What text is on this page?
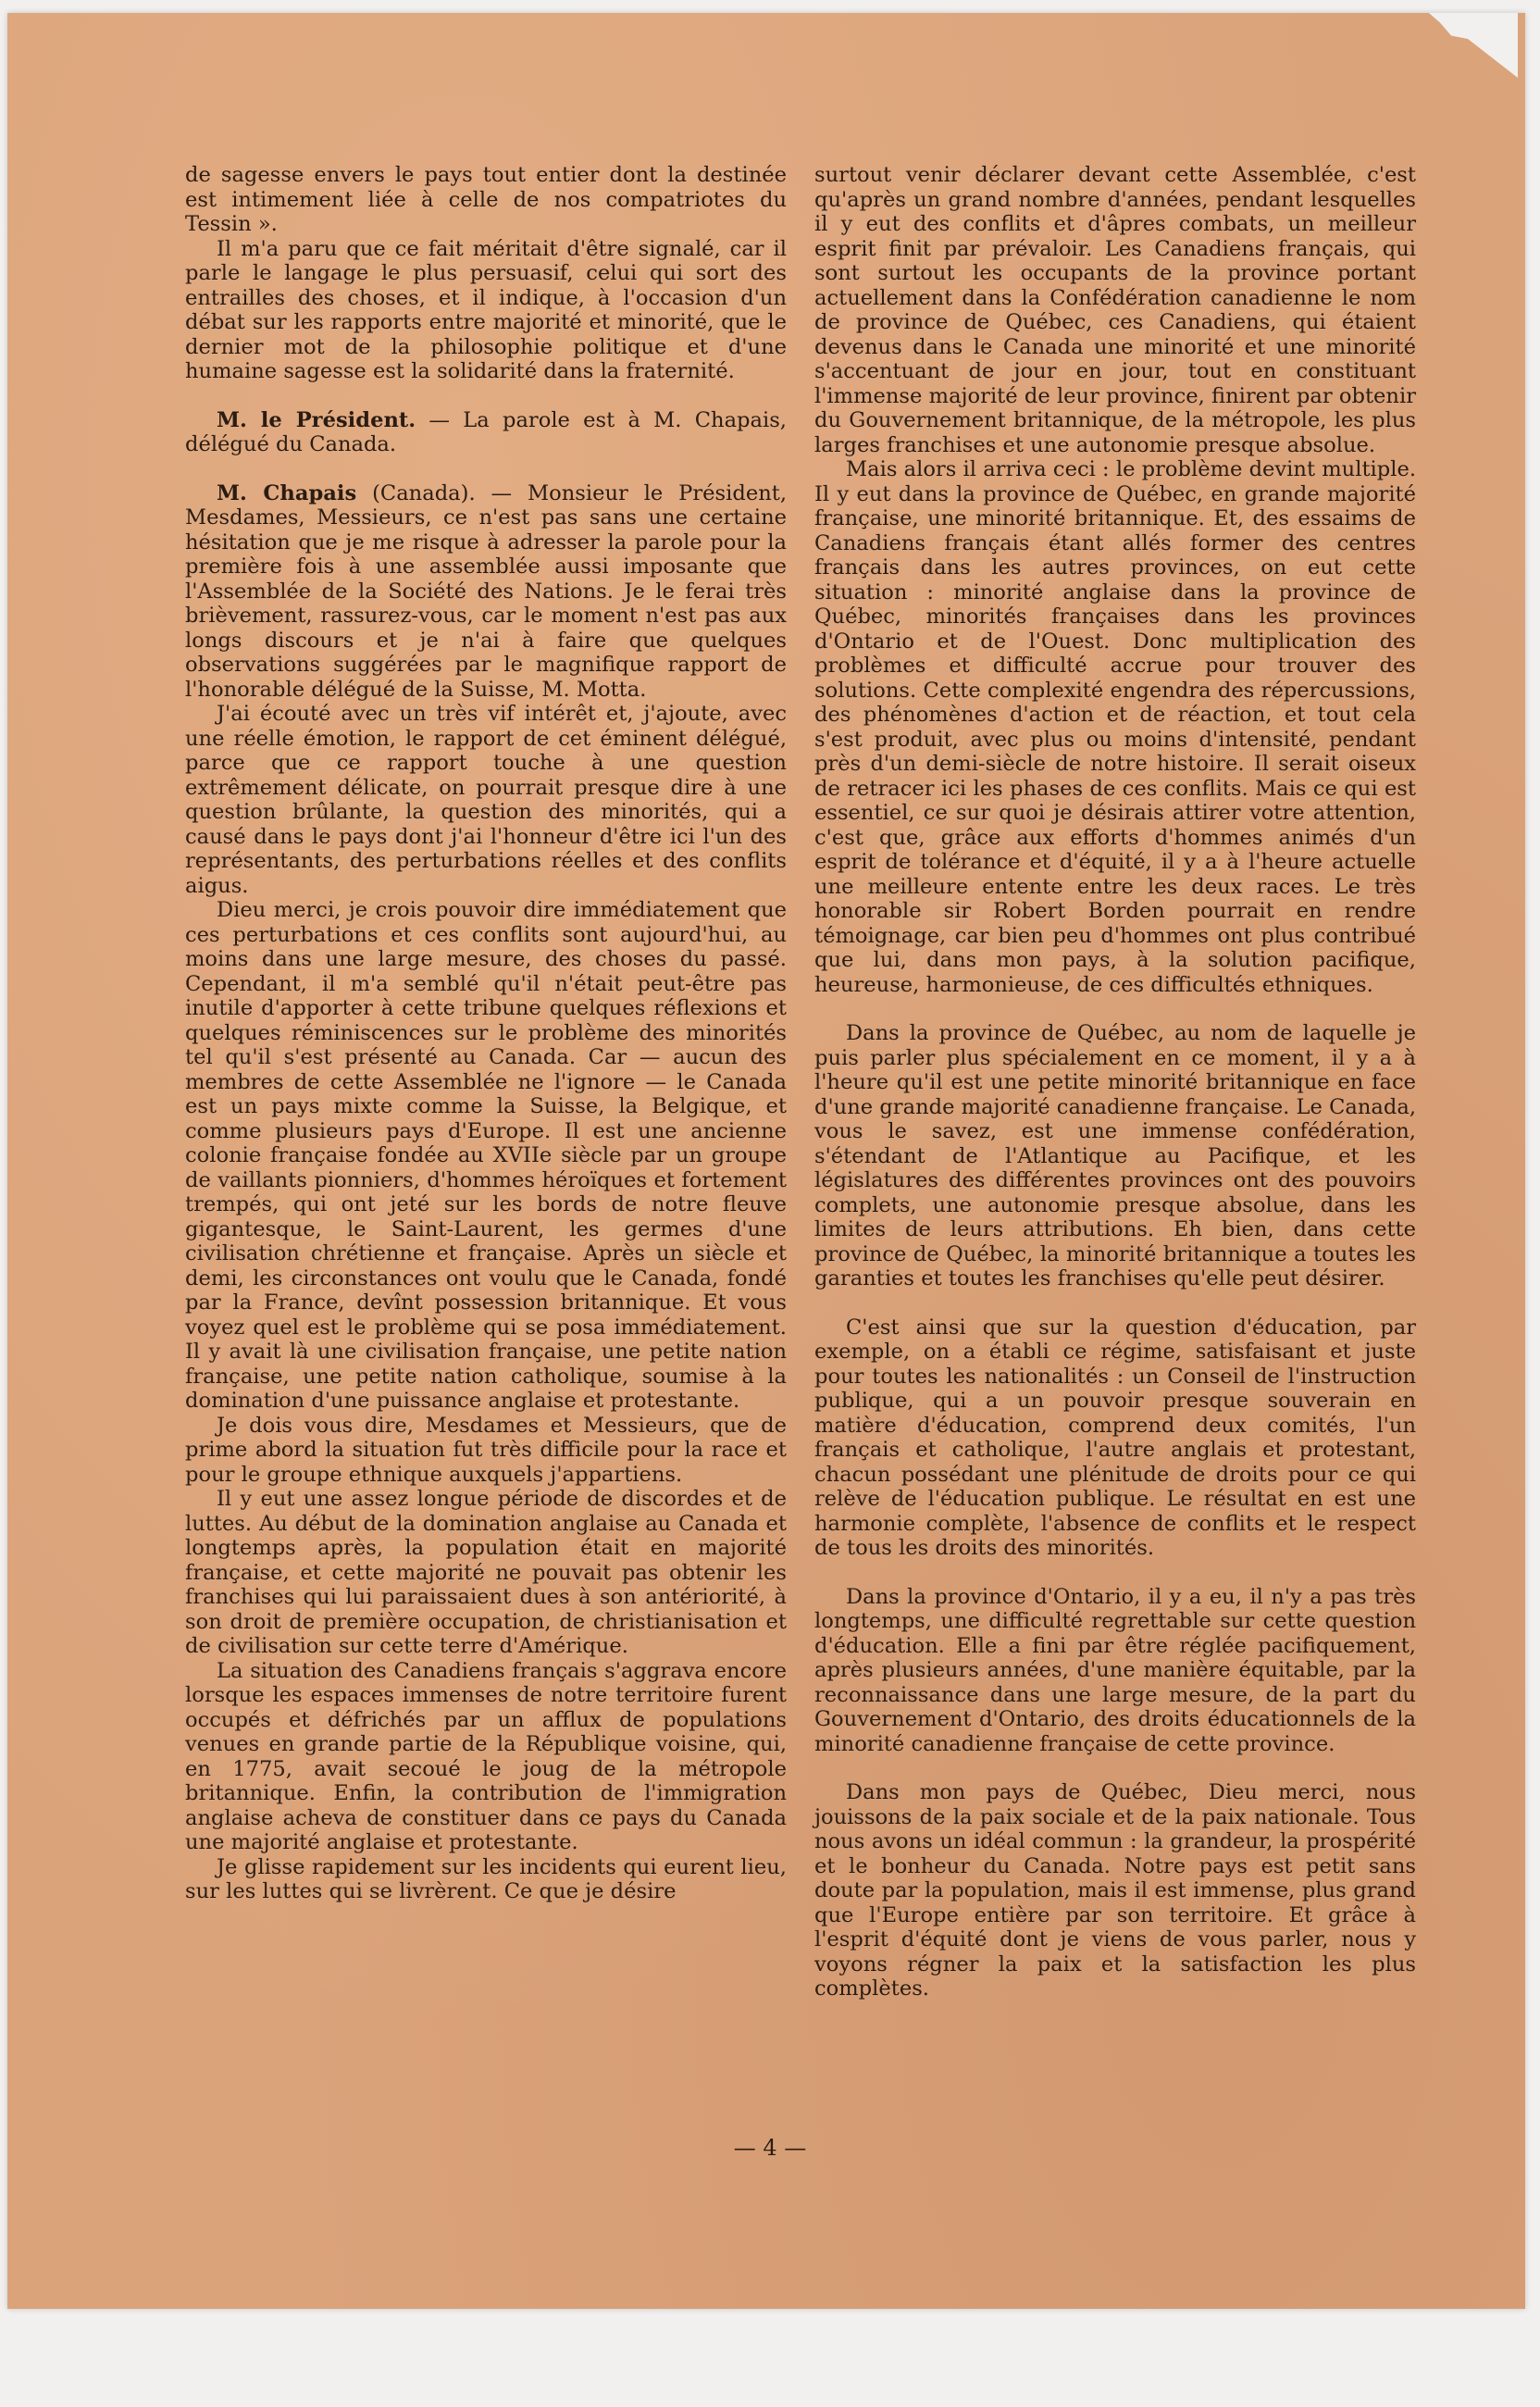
de sagesse envers le pays tout entier dont la destinée est intimement liée à celle de nos compatriotes du Tessin ».

Il m'a paru que ce fait méritait d'être signalé, car il parle le langage le plus persuasif, celui qui sort des entrailles des choses, et il indique, à l'occasion d'un débat sur les rapports entre majorité et minorité, que le dernier mot de la philosophie politique et d'une humaine sagesse est la solidarité dans la fraternité.

M. le Président. — La parole est à M. Chapais, délégué du Canada.

M. Chapais (Canada). — Monsieur le Président, Mesdames, Messieurs, ce n'est pas sans une certaine hésitation que je me risque à adresser la parole pour la première fois à une assemblée aussi imposante que l'Assemblée de la Société des Nations. Je le ferai très brièvement, rassurez-vous, car le moment n'est pas aux longs discours et je n'ai à faire que quelques observations suggérées par le magnifique rapport de l'honorable délégué de la Suisse, M. Motta.

J'ai écouté avec un très vif intérêt et, j'ajoute, avec une réelle émotion, le rapport de cet éminent délégué, parce que ce rapport touche à une question extrêmement délicate, on pourrait presque dire à une question brûlante, la question des minorités, qui a causé dans le pays dont j'ai l'honneur d'être ici l'un des représentants, des perturbations réelles et des conflits aigus.

Dieu merci, je crois pouvoir dire immédiatement que ces perturbations et ces conflits sont aujourd'hui, au moins dans une large mesure, des choses du passé. Cependant, il m'a semblé qu'il n'était peut-être pas inutile d'apporter à cette tribune quelques réflexions et quelques réminiscences sur le problème des minorités tel qu'il s'est présenté au Canada. Car — aucun des membres de cette Assemblée ne l'ignore — le Canada est un pays mixte comme la Suisse, la Belgique, et comme plusieurs pays d'Europe. Il est une ancienne colonie française fondée au XVIIe siècle par un groupe de vaillants pionniers, d'hommes héroïques et fortement trempés, qui ont jeté sur les bords de notre fleuve gigantesque, le Saint-Laurent, les germes d'une civilisation chrétienne et française. Après un siècle et demi, les circonstances ont voulu que le Canada, fondé par la France, devînt possession britannique. Et vous voyez quel est le problème qui se posa immédiatement. Il y avait là une civilisation française, une petite nation française, une petite nation catholique, soumise à la domination d'une puissance anglaise et protestante.

Je dois vous dire, Mesdames et Messieurs, que de prime abord la situation fut très difficile pour la race et pour le groupe ethnique auxquels j'appartiens.

Il y eut une assez longue période de discordes et de luttes. Au début de la domination anglaise au Canada et longtemps après, la population était en majorité française, et cette majorité ne pouvait pas obtenir les franchises qui lui paraissaient dues à son antériorité, à son droit de première occupation, de christianisation et de civilisation sur cette terre d'Amérique.

La situation des Canadiens français s'aggrava encore lorsque les espaces immenses de notre territoire furent occupés et défrichés par un afflux de populations venues en grande partie de la République voisine, qui, en 1775, avait secoué le joug de la métropole britannique. Enfin, la contribution de l'immigration anglaise acheva de constituer dans ce pays du Canada une majorité anglaise et protestante.

Je glisse rapidement sur les incidents qui eurent lieu, sur les luttes qui se livrèrent. Ce que je désire

surtout venir déclarer devant cette Assemblée, c'est qu'après un grand nombre d'années, pendant lesquelles il y eut des conflits et d'âpres combats, un meilleur esprit finit par prévaloir. Les Canadiens français, qui sont surtout les occupants de la province portant actuellement dans la Confédération canadienne le nom de province de Québec, ces Canadiens, qui étaient devenus dans le Canada une minorité et une minorité s'accentuant de jour en jour, tout en constituant l'immense majorité de leur province, finirent par obtenir du Gouvernement britannique, de la métropole, les plus larges franchises et une autonomie presque absolue.

Mais alors il arriva ceci : le problème devint multiple. Il y eut dans la province de Québec, en grande majorité française, une minorité britannique. Et, des essaims de Canadiens français étant allés former des centres français dans les autres provinces, on eut cette situation : minorité anglaise dans la province de Québec, minorités françaises dans les provinces d'Ontario et de l'Ouest. Donc multiplication des problèmes et difficulté accrue pour trouver des solutions. Cette complexité engendra des répercussions, des phénomènes d'action et de réaction, et tout cela s'est produit, avec plus ou moins d'intensité, pendant près d'un demi-siècle de notre histoire. Il serait oiseux de retracer ici les phases de ces conflits. Mais ce qui est essentiel, ce sur quoi je désirais attirer votre attention, c'est que, grâce aux efforts d'hommes animés d'un esprit de tolérance et d'équité, il y a à l'heure actuelle une meilleure entente entre les deux races. Le très honorable sir Robert Borden pourrait en rendre témoignage, car bien peu d'hommes ont plus contribué que lui, dans mon pays, à la solution pacifique, heureuse, harmonieuse, de ces difficultés ethniques.

Dans la province de Québec, au nom de laquelle je puis parler plus spécialement en ce moment, il y a à l'heure qu'il est une petite minorité britannique en face d'une grande majorité canadienne française. Le Canada, vous le savez, est une immense confédération, s'étendant de l'Atlantique au Pacifique, et les législatures des différentes provinces ont des pouvoirs complets, une autonomie presque absolue, dans les limites de leurs attributions. Eh bien, dans cette province de Québec, la minorité britannique a toutes les garanties et toutes les franchises qu'elle peut désirer.

C'est ainsi que sur la question d'éducation, par exemple, on a établi ce régime, satisfaisant et juste pour toutes les nationalités : un Conseil de l'instruction publique, qui a un pouvoir presque souverain en matière d'éducation, comprend deux comités, l'un français et catholique, l'autre anglais et protestant, chacun possédant une plénitude de droits pour ce qui relève de l'éducation publique. Le résultat en est une harmonie complète, l'absence de conflits et le respect de tous les droits des minorités.

Dans la province d'Ontario, il y a eu, il n'y a pas très longtemps, une difficulté regrettable sur cette question d'éducation. Elle a fini par être réglée pacifiquement, après plusieurs années, d'une manière équitable, par la reconnaissance dans une large mesure, de la part du Gouvernement d'Ontario, des droits éducationnels de la minorité canadienne française de cette province.

Dans mon pays de Québec, Dieu merci, nous jouissons de la paix sociale et de la paix nationale. Tous nous avons un idéal commun : la grandeur, la prospérité et le bonheur du Canada. Notre pays est petit sans doute par la population, mais il est immense, plus grand que l'Europe entière par son territoire. Et grâce à l'esprit d'équité dont je viens de vous parler, nous y voyons régner la paix et la satisfaction les plus complètes.

— 4 —
